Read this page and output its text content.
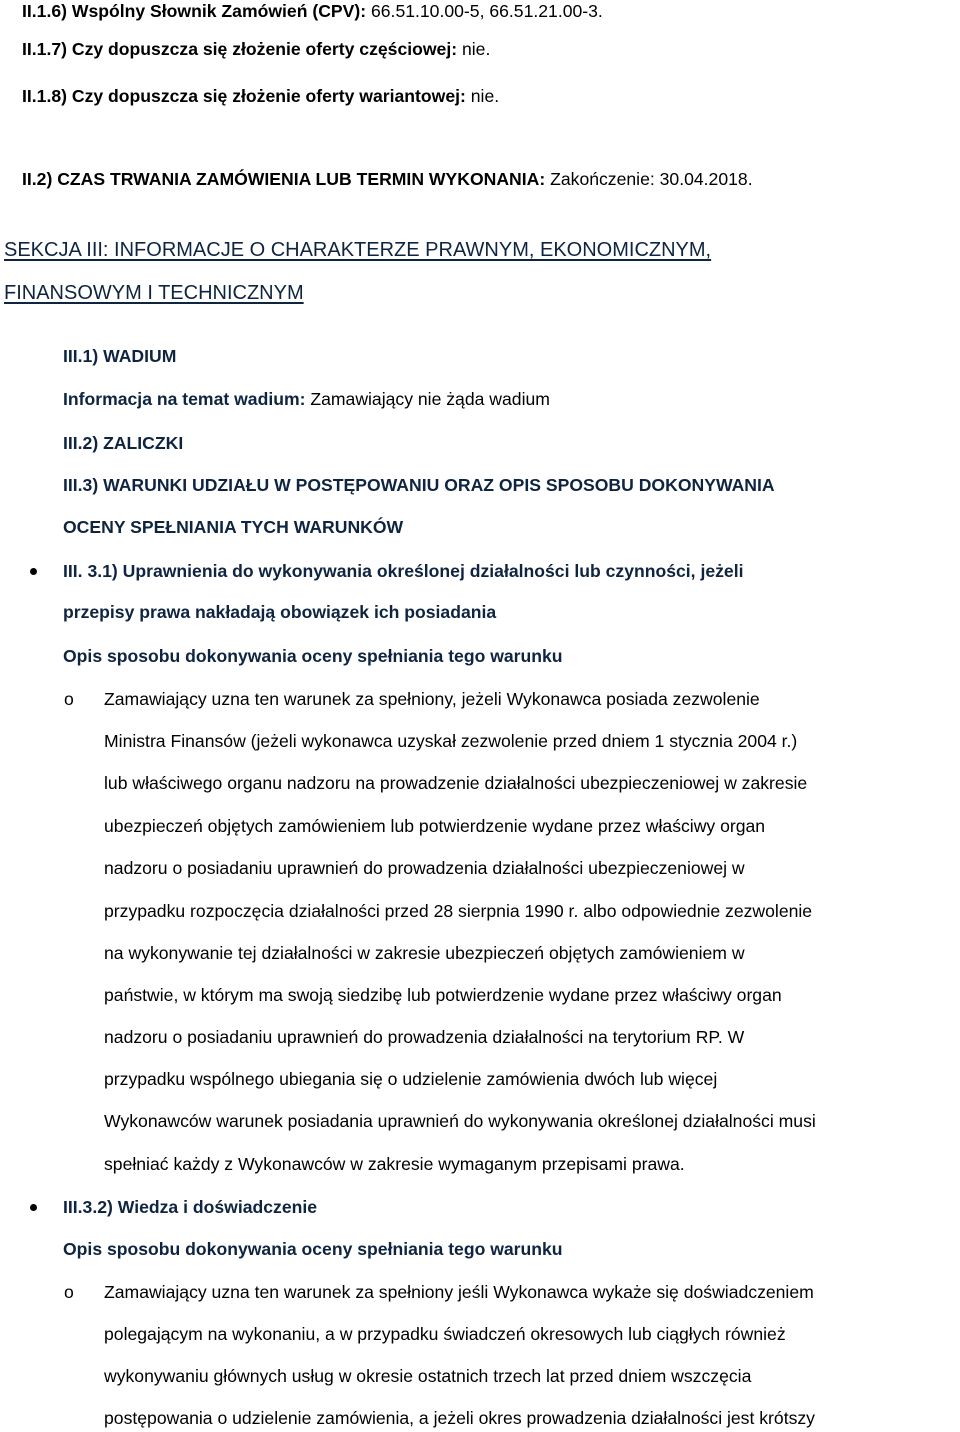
II.1.6) Wspólny Słownik Zamówień (CPV): 66.51.10.00-5, 66.51.21.00-3.
II.1.7) Czy dopuszcza się złożenie oferty częściowej: nie.
II.1.8) Czy dopuszcza się złożenie oferty wariantowej: nie.
II.2) CZAS TRWANIA ZAMÓWIENIA LUB TERMIN WYKONANIA: Zakończenie: 30.04.2018.
SEKCJA III: INFORMACJE O CHARAKTERZE PRAWNYM, EKONOMICZNYM,
FINANSOWYM I TECHNICZNYM
III.1) WADIUM
Informacja na temat wadium: Zamawiający nie żąda wadium
III.2) ZALICZKI
III.3) WARUNKI UDZIAŁU W POSTĘPOWANIU ORAZ OPIS SPOSOBU DOKONYWANIA
OCENY SPEŁNIANIA TYCH WARUNKÓW
III. 3.1) Uprawnienia do wykonywania określonej działalności lub czynności, jeżeli
przepisy prawa nakładają obowiązek ich posiadania
Opis sposobu dokonywania oceny spełniania tego warunku
o Zamawiający uzna ten warunek za spełniony, jeżeli Wykonawca posiada zezwolenie
Ministra Finansów (jeżeli wykonawca uzyskał zezwolenie przed dniem 1 stycznia 2004 r.)
lub właściwego organu nadzoru na prowadzenie działalności ubezpieczeniowej w zakresie
ubezpieczeń objętych zamówieniem lub potwierdzenie wydane przez właściwy organ
nadzoru o posiadaniu uprawnień do prowadzenia działalności ubezpieczeniowej w
przypadku rozpoczęcia działalności przed 28 sierpnia 1990 r. albo odpowiednie zezwolenie
na wykonywanie tej działalności w zakresie ubezpieczeń objętych zamówieniem w
państwie, w którym ma swoją siedzibę lub potwierdzenie wydane przez właściwy organ
nadzoru o posiadaniu uprawnień do prowadzenia działalności na terytorium RP. W
przypadku wspólnego ubiegania się o udzielenie zamówienia dwóch lub więcej
Wykonawców warunek posiadania uprawnień do wykonywania określonej działalności musi
spełniać każdy z Wykonawców w zakresie wymaganym przepisami prawa.
III.3.2) Wiedza i doświadczenie
Opis sposobu dokonywania oceny spełniania tego warunku
o Zamawiający uzna ten warunek za spełniony jeśli Wykonawca wykaże się doświadczeniem
polegającym na wykonaniu, a w przypadku świadczeń okresowych lub ciągłych również
wykonywaniu głównych usług w okresie ostatnich trzech lat przed dniem wszczęcia
postępowania o udzielenie zamówienia, a jeżeli okres prowadzenia działalności jest krótszy
